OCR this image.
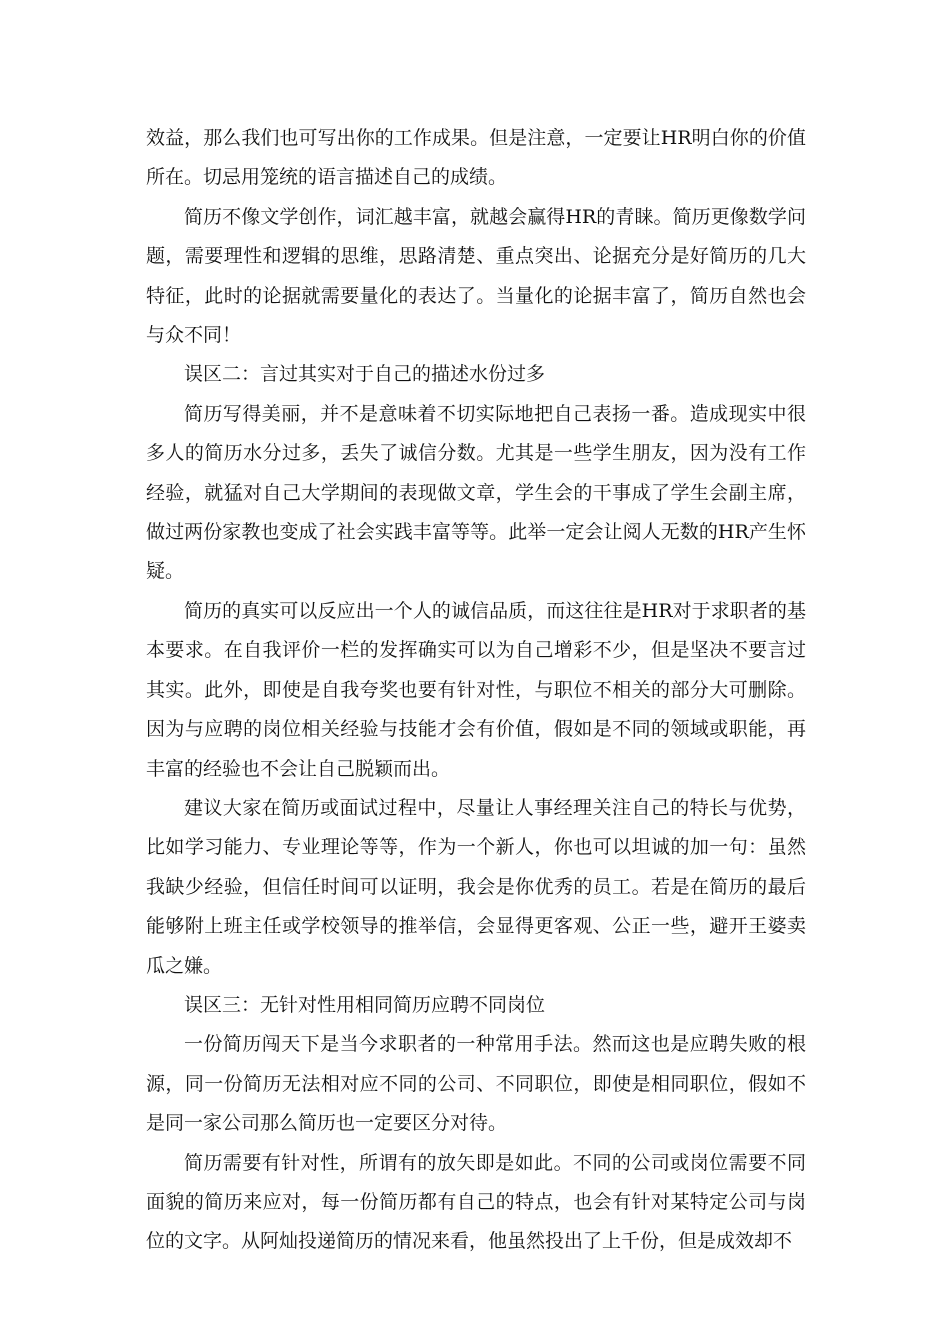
效益，那么我们也可写出你的工作成果。但是注意，一定要让HR明白你的价值所在。切忌用笼统的语言描述自己的成绩。

简历不像文学创作，词汇越丰富，就越会赢得HR的青睐。简历更像数学问题，需要理性和逻辑的思维，思路清楚、重点突出、论据充分是好简历的几大特征，此时的论据就需要量化的表达了。当量化的论据丰富了，简历自然也会与众不同！

误区二：言过其实对于自己的描述水份过多

简历写得美丽，并不是意味着不切实际地把自己表扬一番。造成现实中很多人的简历水分过多，丢失了诚信分数。尤其是一些学生朋友，因为没有工作经验，就猛对自己大学期间的表现做文章，学生会的干事成了学生会副主席，做过两份家教也变成了社会实践丰富等等。此举一定会让阅人无数的HR产生怀疑。

简历的真实可以反应出一个人的诚信品质，而这往往是HR对于求职者的基本要求。在自我评价一栏的发挥确实可以为自己增彩不少，但是坚决不要言过其实。此外，即使是自我夸奖也要有针对性，与职位不相关的部分大可删除。因为与应聘的岗位相关经验与技能才会有价值，假如是不同的领域或职能，再丰富的经验也不会让自己脱颖而出。

建议大家在简历或面试过程中，尽量让人事经理关注自己的特长与优势，比如学习能力、专业理论等等，作为一个新人，你也可以坦诚的加一句：虽然我缺少经验，但信任时间可以证明，我会是你优秀的员工。若是在简历的最后能够附上班主任或学校领导的推举信，会显得更客观、公正一些，避开王婆卖瓜之嫌。

误区三：无针对性用相同简历应聘不同岗位

一份简历闯天下是当今求职者的一种常用手法。然而这也是应聘失败的根源，同一份简历无法相对应不同的公司、不同职位，即使是相同职位，假如不是同一家公司那么简历也一定要区分对待。

简历需要有针对性，所谓有的放矢即是如此。不同的公司或岗位需要不同面貌的简历来应对，每一份简历都有自己的特点，也会有针对某特定公司与岗位的文字。从阿灿投递简历的情况来看，他虽然投出了上千份，但是成效却不
